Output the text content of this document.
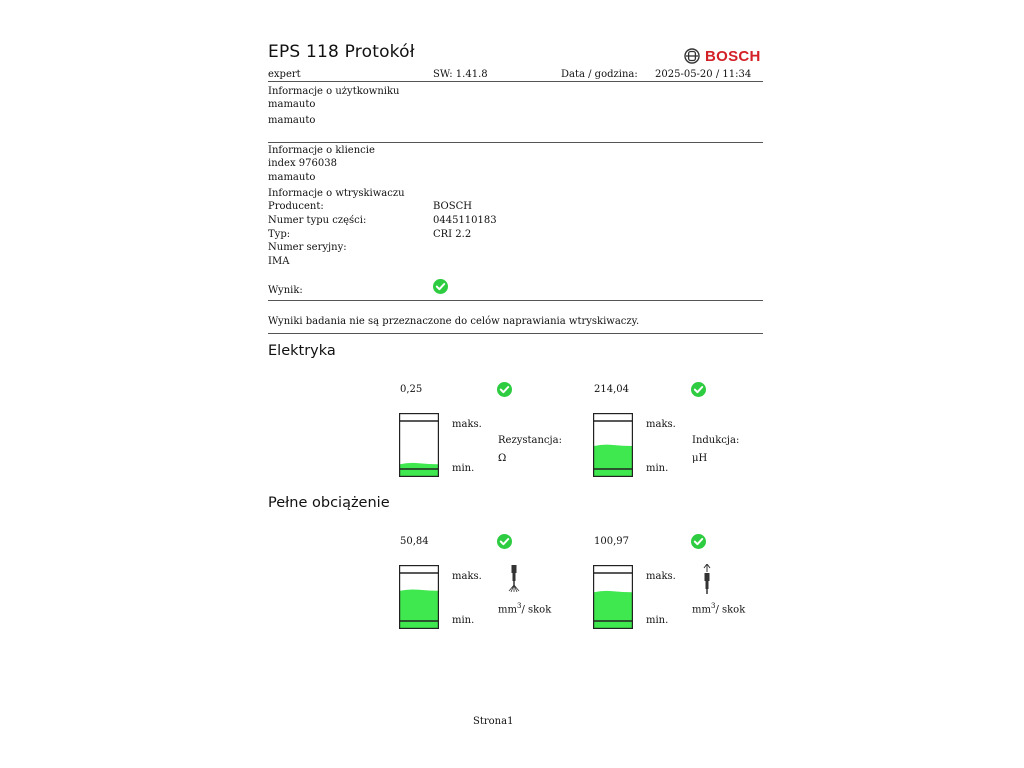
EPS 118 Protokół	BOSCH
expert	SW: 1.41.8	Data / godzina: 2025-05-20 / 11:34
Informacje o użytkowniku
mamauto
mamauto
Informacje o kliencie
index 976038
mamauto
Informacje o wtryskiwaczu
Producent:	BOSCH
Numer typu części:	0445110183
Typ:	CRI 2.2
Numer seryjny:
IMA
Wynik:
Wyniki badania nie są przeznaczone do celów naprawiania wtryskiwaczy.
Elektryka
0,25
maks.
min.
Rezystancja:
Ω
214,04
maks.
min.
Indukcja:
μH
Pełne obciążenie
50,84
maks.
min.
$mm^3/$ skok
100,97
maks.
min.
$mm^3/$ skok
Strona1
